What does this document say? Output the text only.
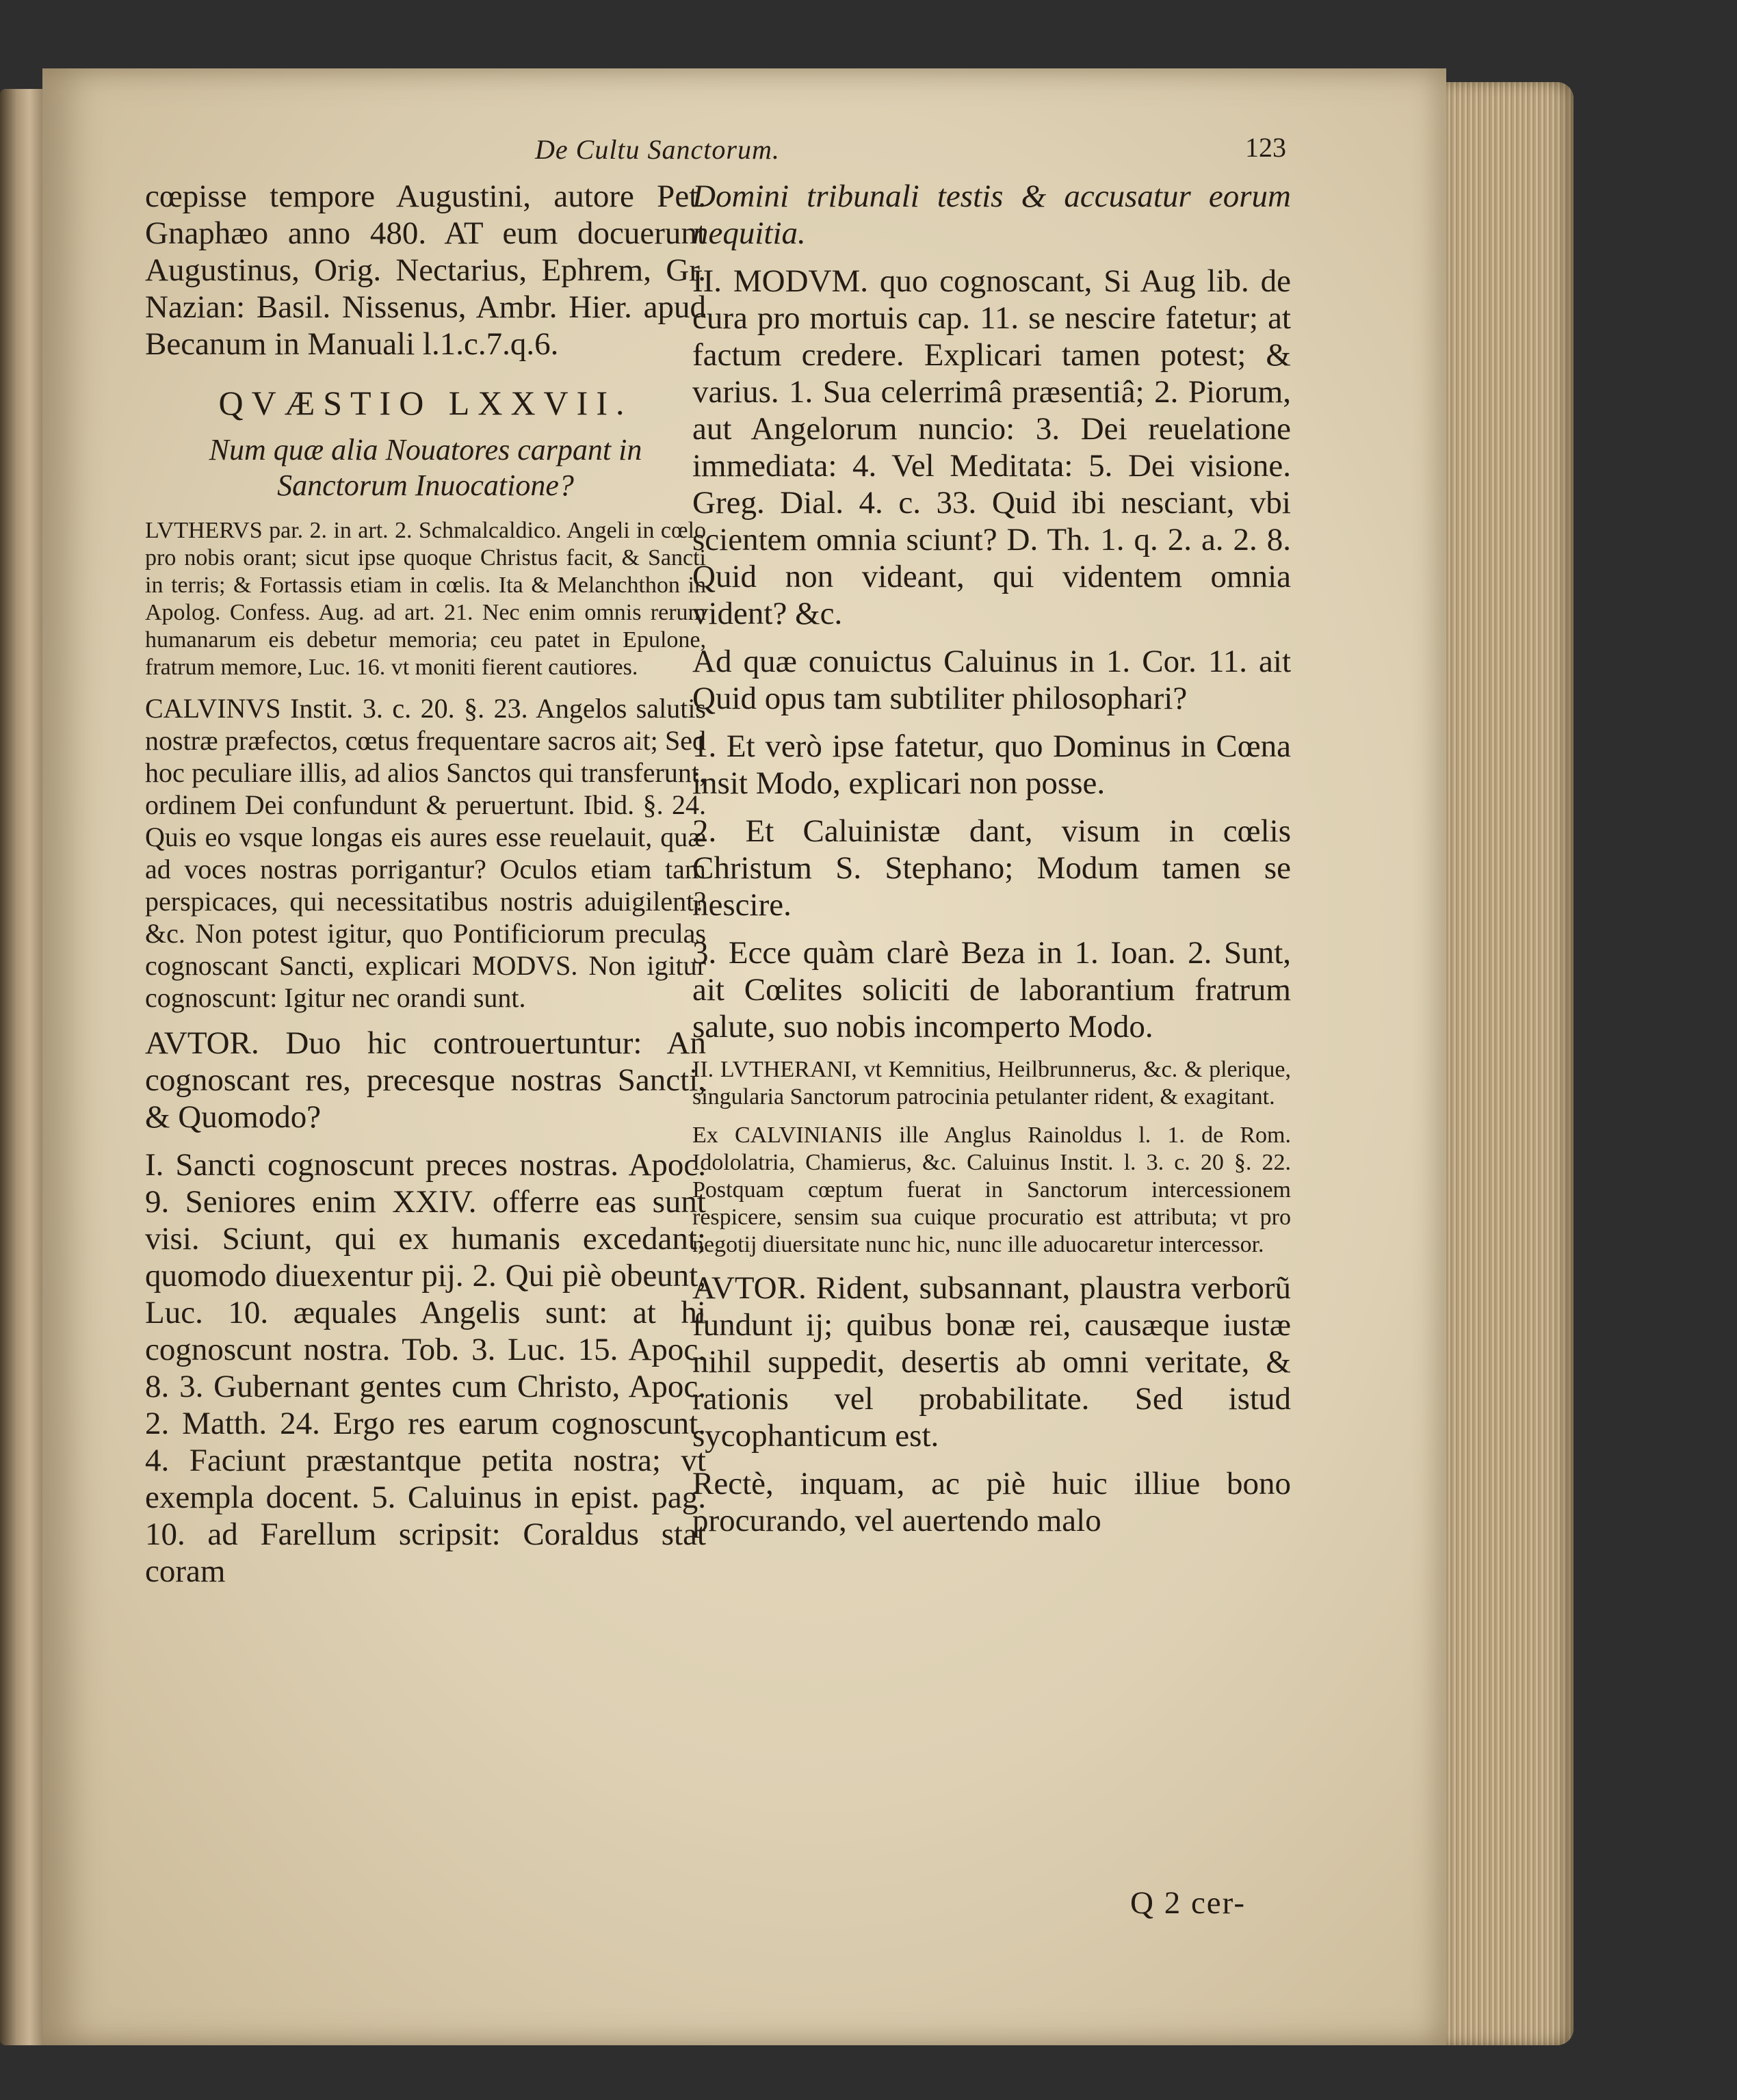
De Cultu Sanctorum.	123

cœpisse tempore Augustini, autore Pet. Gnaphæo anno 480. AT eum docuerunt Augustinus, Orig. Nectarius, Ephrem, Gr. Nazian: Basil. Nissenus, Ambr. Hier. apud Becanum in Manuali l.1.c.7.q.6.

QVÆSTIO LXXVII.
Num quæ alia Nouatores carpant in Sanctorum Inuocatione?

LVTHERVS par. 2. in art. 2. Schmalcaldico. Angeli in cœlo pro nobis orant; sicut ipse quoque Christus facit, & Sancti in terris; & Fortassis etiam in cœlis. Ita & Melanchthon in Apolog. Confess. Aug. ad art. 21. Nec enim omnis rerum humanarum eis debetur memoria; ceu patet in Epulone, fratrum memore, Luc. 16. vt moniti fierent cautiores.

CALVINVS Instit. 3. c. 20. §. 23. Angelos salutis nostræ præfectos, cœtus frequentare sacros ait; Sed hoc peculiare illis, ad alios Sanctos qui transferunt, ordinem Dei confundunt & peruertunt. Ibid. §. 24. Quis eo vsque longas eis aures esse reuelauit, quæ ad voces nostras porrigantur? Oculos etiam tam perspicaces, qui necessitatibus nostris aduigilent? &c. Non potest igitur, quo Pontificiorum preculas cognoscant Sancti, explicari MODVS. Non igitur cognoscunt: Igitur nec orandi sunt.

AVTOR. Duo hic controuertuntur: An cognoscant res, precesque nostras Sancti, & Quomodo?

I. Sancti cognoscunt preces nostras. Apoc. 9. Seniores enim XXIV. offerre eas sunt visi. Sciunt, qui ex humanis excedant; quomodo diuexentur pij. 2. Qui piè obeunt, Luc. 10. æquales Angelis sunt: at hi cognoscunt nostra. Tob. 3. Luc. 15. Apoc. 8. 3. Gubernant gentes cum Christo, Apoc. 2. Matth. 24. Ergo res earum cognoscunt. 4. Faciunt præstantque petita nostra; vt exempla docent. 5. Caluinus in epist. pag. 10. ad Farellum scripsit: Coraldus stat coram

Domini tribunali testis & accusatur eorum nequitia.

II. MODVM. quo cognoscant, Si Aug lib. de cura pro mortuis cap. 11. se nescire fatetur; at factum credere. Explicari tamen potest; & varius. 1. Sua celerrimâ præsentiâ; 2. Piorum, aut Angelorum nuncio: 3. Dei reuelatione immediata: 4. Vel Meditata: 5. Dei visione. Greg. Dial. 4. c. 33. Quid ibi nesciant, vbi scientem omnia sciunt? D. Th. 1. q. 2. a. 2. 8. Quid non videant, qui videntem omnia vident? &c.

Ad quæ conuictus Caluinus in 1. Cor. 11. ait Quid opus tam subtiliter philosophari?

1. Et verò ipse fatetur, quo Dominus in Cœna insit Modo, explicari non posse.

2. Et Caluinistæ dant, visum in cœlis Christum S. Stephano; Modum tamen se nescire.

3. Ecce quàm clarè Beza in 1. Ioan. 2. Sunt, ait Cœlites soliciti de laborantium fratrum salute, suo nobis incomperto Modo.

II. LVTHERANI, vt Kemnitius, Heilbrunnerus, &c. & plerique, singularia Sanctorum patrocinia petulanter rident, & exagitant.

Ex CALVINIANIS ille Anglus Rainoldus l. 1. de Rom. Idololatria, Chamierus, &c. Caluinus Instit. l. 3. c. 20 §. 22. Postquam cœptum fuerat in Sanctorum intercessionem respicere, sensim sua cuique procuratio est attributa; vt pro negotij diuersitate nunc hic, nunc ille aduocaretur intercessor.

AVTOR. Rident, subsannant, plaustra verborũ fundunt ij; quibus bonæ rei, causæque iustæ nihil suppedit, desertis ab omni veritate, & rationis vel probabilitate. Sed istud sycophanticum est.

Rectè, inquam, ac piè huic illiue bono procurando, vel auertendo malo

Q 2 cer-
